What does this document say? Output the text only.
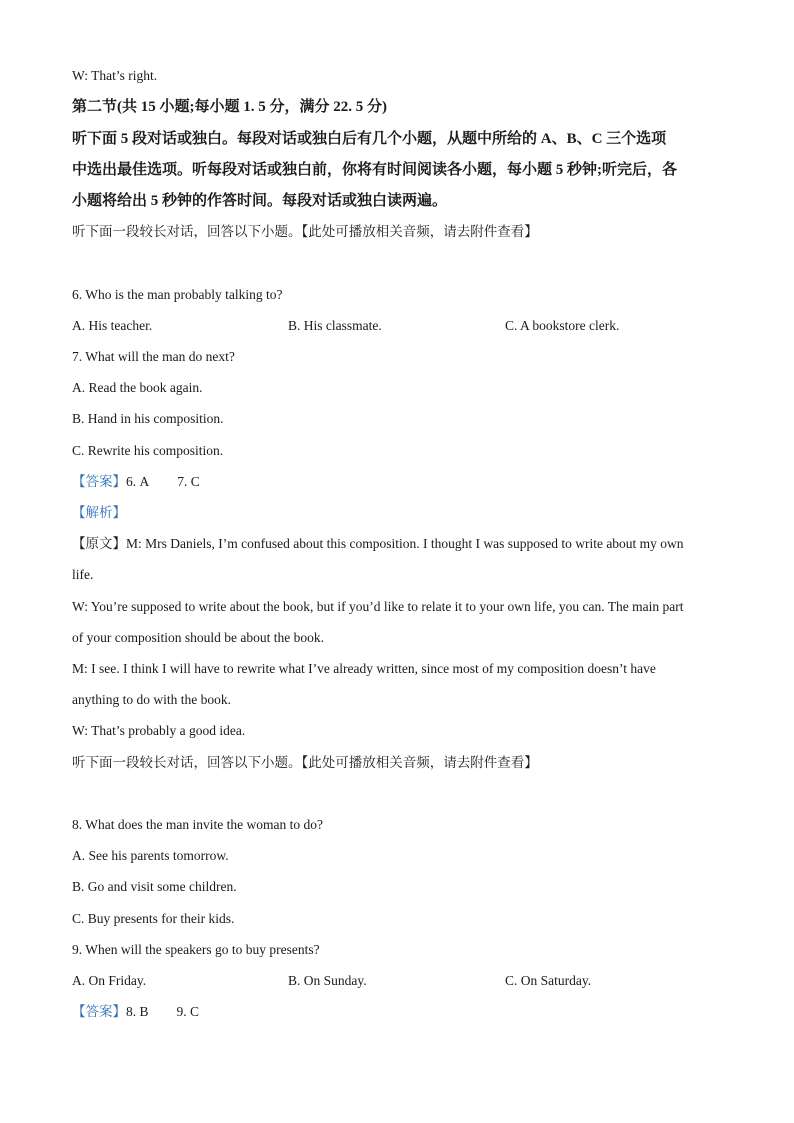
W: That’s right.
第二节(共 15 小题;每小题 1. 5 分，满分 22. 5 分)
听下面 5 段对话或独白。每段对话或独白后有几个小题，从题中所给的 A、B、C 三个选项
中选出最佳选项。听每段对话或独白前，你将有时间阅读各小题，每小题 5 秒钟;听完后，各
小题将给出 5 秒钟的作答时间。每段对话或独白读两遍。
听下面一段较长对话，回答以下小题。【此处可播放相关音频，请去附件查看】
6. Who is the man probably talking to?
A. His teacher.	B. His classmate.	C. A bookstore clerk.
7. What will the man do next?
A. Read the book again.
B. Hand in his composition.
C. Rewrite his composition.
【答案】6. A 7. C
【解析】
【原文】M: Mrs Daniels, I’m confused about this composition. I thought I was supposed to write about my own
life.
W: You’re supposed to write about the book, but if you’d like to relate it to your own life, you can. The main part
of your composition should be about the book.
M: I see. I think I will have to rewrite what I’ve already written, since most of my composition doesn’t have
anything to do with the book.
W: That’s probably a good idea.
听下面一段较长对话，回答以下小题。【此处可播放相关音频，请去附件查看】
8. What does the man invite the woman to do?
A. See his parents tomorrow.
B. Go and visit some children.
C. Buy presents for their kids.
9. When will the speakers go to buy presents?
A. On Friday.	B. On Sunday.	C. On Saturday.
【答案】8. B 9. C
